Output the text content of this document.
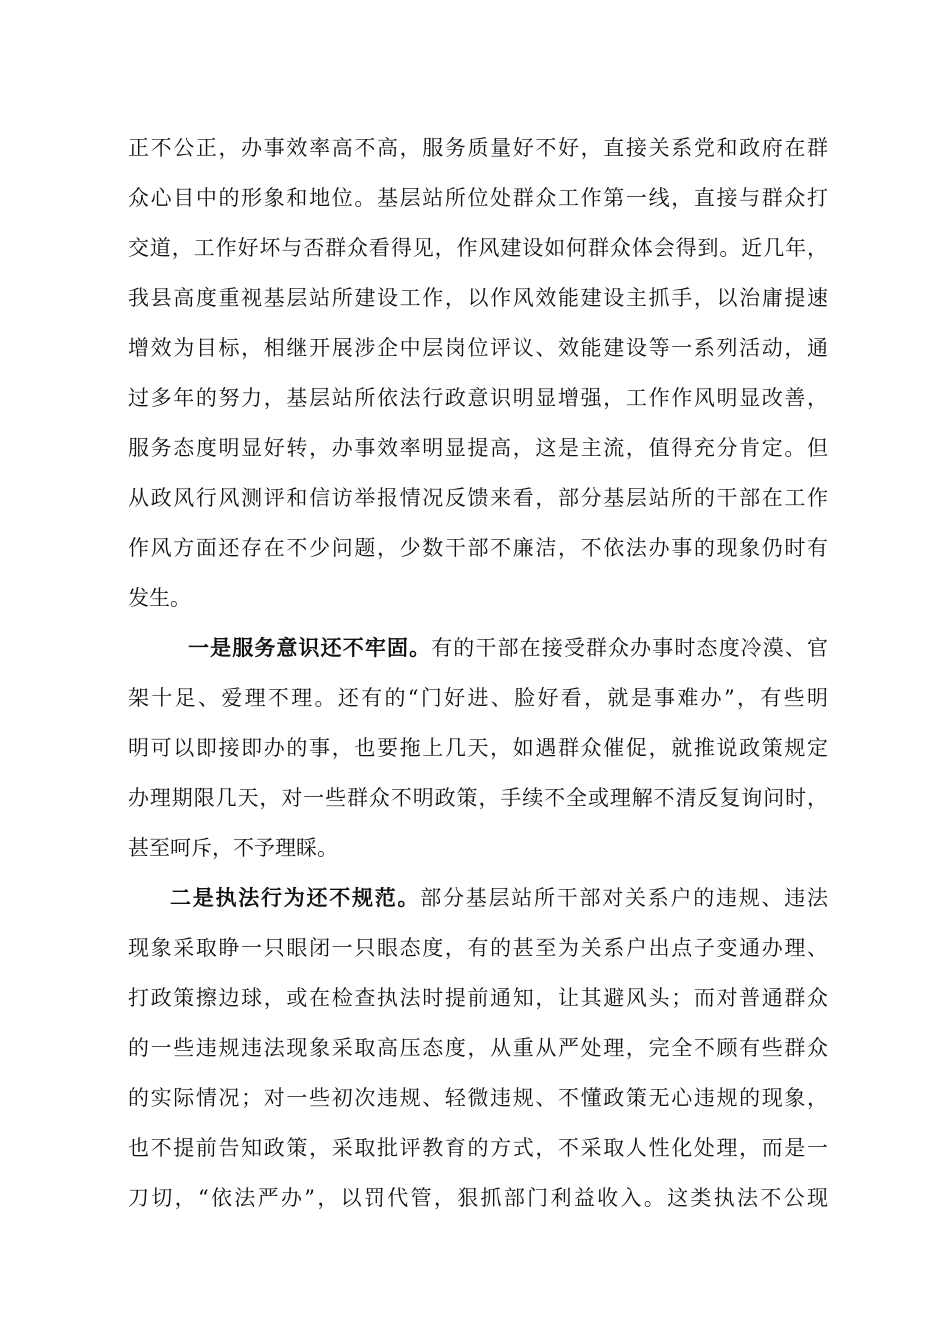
正不公正，办事效率高不高，服务质量好不好，直接关系党和政府在群
众心目中的形象和地位。基层站所位处群众工作第一线，直接与群众打
交道，工作好坏与否群众看得见，作风建设如何群众体会得到。近几年，
我县高度重视基层站所建设工作，以作风效能建设主抓手，以治庸提速
增效为目标，相继开展涉企中层岗位评议、效能建设等一系列活动，通
过多年的努力，基层站所依法行政意识明显增强，工作作风明显改善，
服务态度明显好转，办事效率明显提高，这是主流，值得充分肯定。但
从政风行风测评和信访举报情况反馈来看，部分基层站所的干部在工作
作风方面还存在不少问题，少数干部不廉洁，不依法办事的现象仍时有
发生。
一是服务意识还不牢固。有的干部在接受群众办事时态度冷漠、官
架十足、爱理不理。还有的“门好进、脸好看，就是事难办”，有些明
明可以即接即办的事，也要拖上几天，如遇群众催促，就推说政策规定
办理期限几天，对一些群众不明政策，手续不全或理解不清反复询问时，
甚至呵斥，不予理睬。
二是执法行为还不规范。部分基层站所干部对关系户的违规、违法
现象采取睁一只眼闭一只眼态度，有的甚至为关系户出点子变通办理、
打政策擦边球，或在检查执法时提前通知，让其避风头；而对普通群众
的一些违规违法现象采取高压态度，从重从严处理，完全不顾有些群众
的实际情况；对一些初次违规、轻微违规、不懂政策无心违规的现象，
也不提前告知政策，采取批评教育的方式，不采取人性化处理，而是一
刀切，“依法严办”，以罚代管，狠抓部门利益收入。这类执法不公现
